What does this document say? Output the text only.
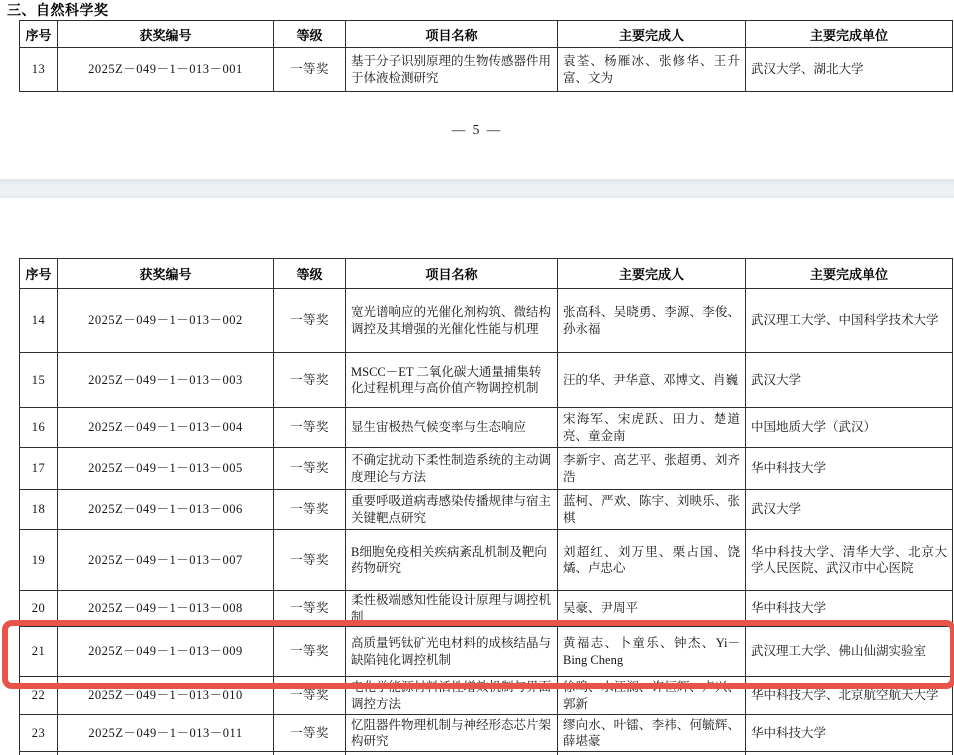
三、自然科学奖
序号	获奖编号	等级	项目名称	主要完成人	主要完成单位
13	2025Z－049－1－013－001	一等奖	基于分子识别原理的生物传感器件用于体液检测研究	袁荃、杨雁冰、张修华、王升富、文为	武汉大学、湖北大学
— 5 —
序号	获奖编号	等级	项目名称	主要完成人	主要完成单位
14	2025Z－049－1－013－002	一等奖	宽光谱响应的光催化剂构筑、微结构调控及其增强的光催化性能与机理	张高科、吴晓勇、李源、李俊、孙永福	武汉理工大学、中国科学技术大学
15	2025Z－049－1－013－003	一等奖	MSCC－ET 二氧化碳大通量捕集转化过程机理与高价值产物调控机制	汪的华、尹华意、邓博文、肖巍	武汉大学
16	2025Z－049－1－013－004	一等奖	显生宙极热气候变率与生态响应	宋海军、宋虎跃、田力、楚道亮、童金南	中国地质大学（武汉）
17	2025Z－049－1－013－005	一等奖	不确定扰动下柔性制造系统的主动调度理论与方法	李新宇、高艺平、张超勇、刘齐浩	华中科技大学
18	2025Z－049－1－013－006	一等奖	重要呼吸道病毒感染传播规律与宿主关键靶点研究	蓝柯、严欢、陈宇、刘映乐、张棋	武汉大学
19	2025Z－049－1－013－007	一等奖	B细胞免疫相关疾病紊乱机制及靶向药物研究	刘超红、刘万里、栗占国、饶燏、卢忠心	华中科技大学、清华大学、北京大学人民医院、武汉市中心医院
20	2025Z－049－1－013－008	一等奖	柔性极端感知性能设计原理与调控机制	吴豪、尹周平	华中科技大学
21	2025Z－049－1－013－009	一等奖	高质量钙钛矿光电材料的成核结晶与缺陷钝化调控机制	黄福志、卜童乐、钟杰、Yi－Bing Cheng	武汉理工大学、佛山仙湖实验室
22	2025Z－049－1－013－010	一等奖	电化学能源材料活性增效机制与界面调控方法	徐鸣、水江澜、许恒辉、卢兴、郭新	华中科技大学、北京航空航天大学
23	2025Z－049－1－013－011	一等奖	忆阻器件物理机制与神经形态芯片架构研究	缪向水、叶镭、李祎、何毓辉、薛堪豪	华中科技大学
